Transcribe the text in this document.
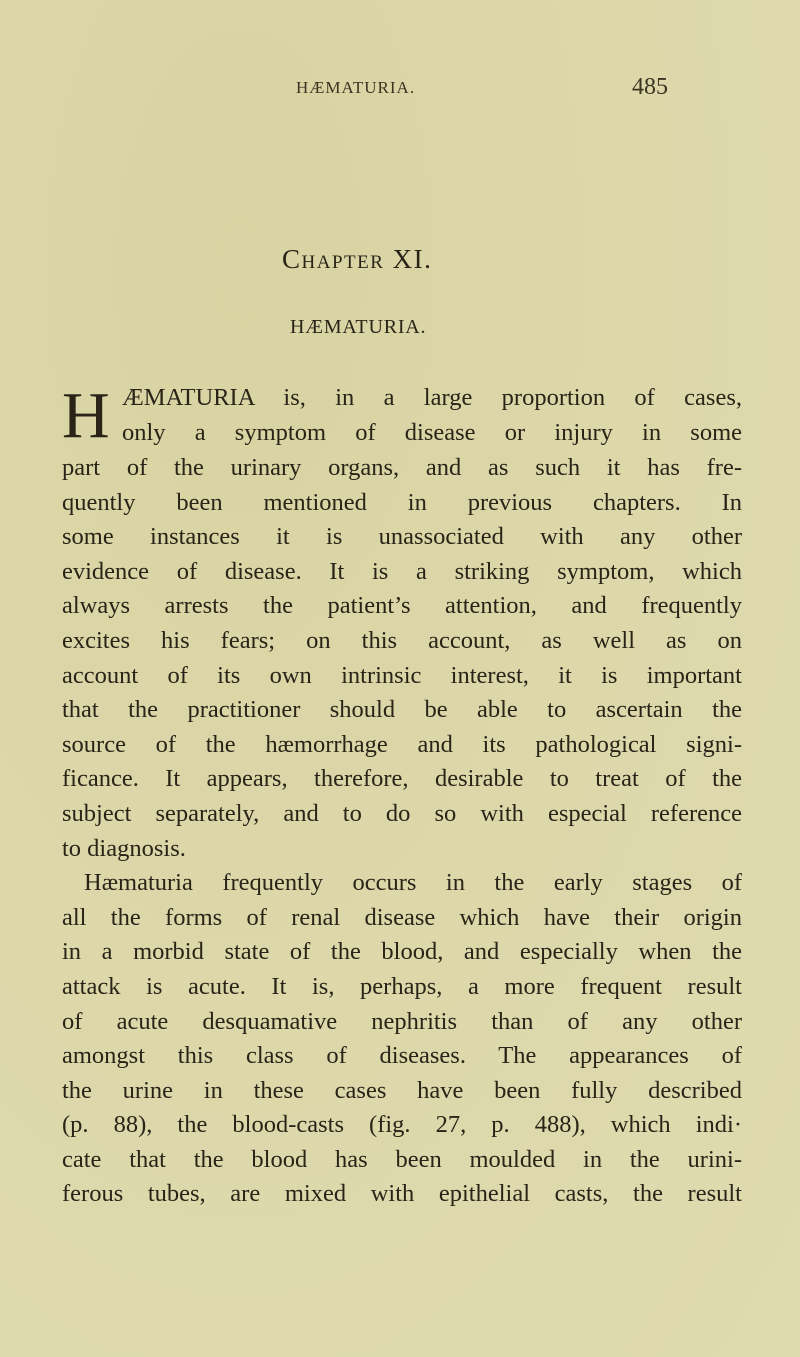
HÆMATURIA.	485
Chapter XI.
HÆMATURIA.
H ÆMATURIA is, in a large proportion of cases,
only a symptom of disease or injury in some
part of the urinary organs, and as such it has fre-
quently been mentioned in previous chapters. In
some instances it is unassociated with any other
evidence of disease. It is a striking symptom, which
always arrests the patient’s attention, and frequently
excites his fears; on this account, as well as on
account of its own intrinsic interest, it is important
that the practitioner should be able to ascertain the
source of the hæmorrhage and its pathological signi-
ficance. It appears, therefore, desirable to treat of the
subject separately, and to do so with especial reference
to diagnosis.
Hæmaturia frequently occurs in the early stages of
all the forms of renal disease which have their origin
in a morbid state of the blood, and especially when the
attack is acute. It is, perhaps, a more frequent result
of acute desquamative nephritis than of any other
amongst this class of diseases. The appearances of
the urine in these cases have been fully described
(p. 88), the blood-casts (fig. 27, p. 488), which indi·
cate that the blood has been moulded in the urini-
ferous tubes, are mixed with epithelial casts, the result
